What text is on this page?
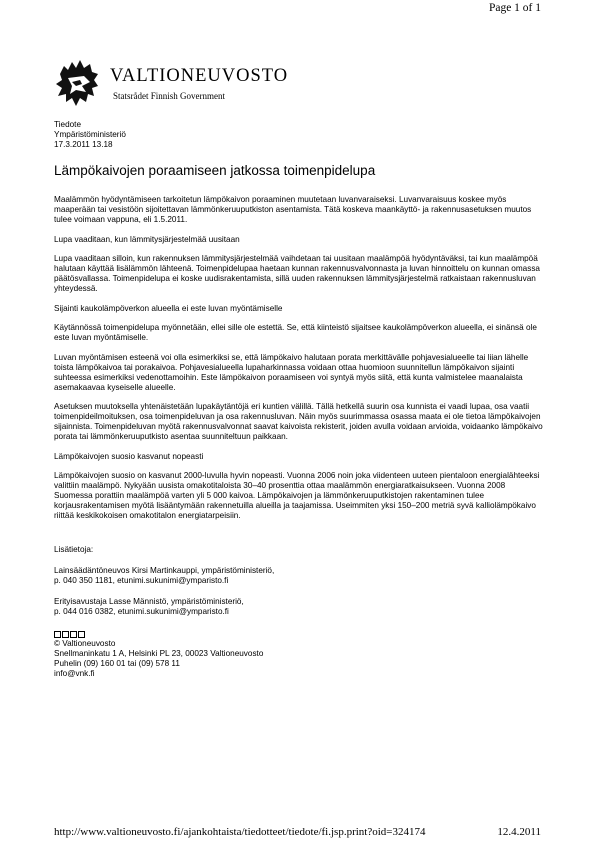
Page 1 of 1
VALTIONEUVOSTO
Statsrådet Finnish Government
Tiedote
Ympäristöministeriö
17.3.2011 13.18
Lämpökaivojen poraamiseen jatkossa toimenpidelupa

Maalämmön hyödyntämiseen tarkoitetun lämpökaivon poraaminen muutetaan luvanvaraiseksi. Luvanvaraisuus koskee myös maaperään tai vesistöön sijoitettavan lämmönkeruuputkiston asentamista. Tätä koskeva maankäyttö- ja rakennusasetuksen muutos tulee voimaan vappuna, eli 1.5.2011.

Lupa vaaditaan, kun lämmitysjärjestelmää uusitaan

Lupa vaaditaan silloin, kun rakennuksen lämmitysjärjestelmää vaihdetaan tai uusitaan maalämpöä hyödyntäväksi, tai kun maalämpöä halutaan käyttää lisälämmön lähteenä. Toimenpidelupaa haetaan kunnan rakennusvalvonnasta ja luvan hinnoittelu on kunnan omassa päätösvallassa. Toimenpidelupa ei koske uudisrakentamista, sillä uuden rakennuksen lämmitysjärjestelmä ratkaistaan rakennusluvan yhteydessä.

Sijainti kaukolämpöverkon alueella ei este luvan myöntämiselle

Käytännössä toimenpidelupa myönnetään, ellei sille ole estettä. Se, että kiinteistö sijaitsee kaukolämpöverkon alueella, ei sinänsä ole este luvan myöntämiselle.

Luvan myöntämisen esteenä voi olla esimerkiksi se, että lämpökaivo halutaan porata merkittävälle pohjavesialueelle tai liian lähelle toista lämpökaivoa tai porakaivoa. Pohjavesialueella lupaharkinnassa voidaan ottaa huomioon suunnitellun lämpökaivon sijainti suhteessa esimerkiksi vedenottamoihin. Este lämpökaivon poraamiseen voi syntyä myös siitä, että kunta valmistelee maanalaista asemakaavaa kyseiselle alueelle.

Asetuksen muutoksella yhtenäistetään lupakäytäntöjä eri kuntien välillä. Tällä hetkellä suurin osa kunnista ei vaadi lupaa, osa vaatii toimenpideilmoituksen, osa toimenpideluvan ja osa rakennusluvan. Näin myös suurimmassa osassa maata ei ole tietoa lämpökaivojen sijainnista. Toimenpideluvan myötä rakennusvalvonnat saavat kaivoista rekisterit, joiden avulla voidaan arvioida, voidaanko lämpökaivo porata tai lämmönkeruuputkisto asentaa suunniteltuun paikkaan.

Lämpökaivojen suosio kasvanut nopeasti

Lämpökaivojen suosio on kasvanut 2000-luvulla hyvin nopeasti. Vuonna 2006 noin joka viidenteen uuteen pientaloon energialähteeksi valittiin maalämpö. Nykyään uusista omakotitaloista 30–40 prosenttia ottaa maalämmön energiaratkaisukseen. Vuonna 2008 Suomessa porattiin maalämpöä varten yli 5 000 kaivoa. Lämpökaivojen ja lämmönkeruuputkistojen rakentaminen tulee korjausrakentamisen myötä lisääntymään rakennetuilla alueilla ja taajamissa. Useimmiten yksi 150–200 metriä syvä kalliolämpökaivo riittää keskikokoisen omakotitalon energiatarpeisiin.

Lisätietoja:

Lainsäädäntöneuvos Kirsi Martinkauppi, ympäristöministeriö,
p. 040 350 1181, etunimi.sukunimi@ymparisto.fi

Erityisavustaja Lasse Männistö, ympäristöministeriö,
p. 044 016 0382, etunimi.sukunimi@ymparisto.fi

© Valtioneuvosto
Snellmaninkatu 1 A, Helsinki PL 23, 00023 Valtioneuvosto
Puhelin (09) 160 01 tai (09) 578 11
info@vnk.fi
http://www.valtioneuvosto.fi/ajankohtaista/tiedotteet/tiedote/fi.jsp.print?oid=324174	12.4.2011
